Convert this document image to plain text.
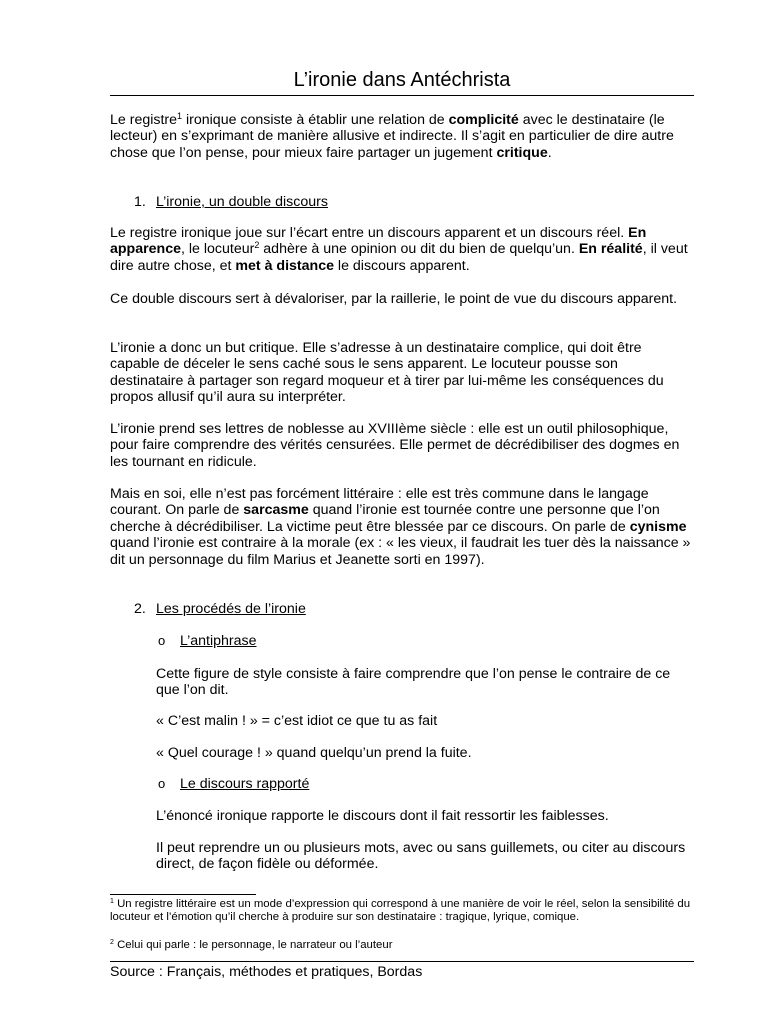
L’ironie dans Antéchrista
Le registre$^1$ ironique consiste à établir une relation de complicité avec le destinataire (le lecteur) en s’exprimant de manière allusive et indirecte. Il s’agit en particulier de dire autre chose que l’on pense, pour mieux faire partager un jugement critique.
1. L’ironie, un double discours
Le registre ironique joue sur l’écart entre un discours apparent et un discours réel. En apparence, le locuteur$^2$ adhère à une opinion ou dit du bien de quelqu’un. En réalité, il veut dire autre chose, et met à distance le discours apparent.
Ce double discours sert à dévaloriser, par la raillerie, le point de vue du discours apparent.
L’ironie a donc un but critique. Elle s’adresse à un destinataire complice, qui doit être capable de déceler le sens caché sous le sens apparent. Le locuteur pousse son destinataire à partager son regard moqueur et à tirer par lui-même les conséquences du propos allusif qu’il aura su interpréter.
L’ironie prend ses lettres de noblesse au XVIIIème siècle : elle est un outil philosophique, pour faire comprendre des vérités censurées. Elle permet de décrédibiliser des dogmes en les tournant en ridicule.
Mais en soi, elle n’est pas forcément littéraire : elle est très commune dans le langage courant. On parle de sarcasme quand l’ironie est tournée contre une personne que l’on cherche à décrédibiliser. La victime peut être blessée par ce discours. On parle de cynisme quand l’ironie est contraire à la morale (ex : « les vieux, il faudrait les tuer dès la naissance » dit un personnage du film Marius et Jeanette sorti en 1997).
2. Les procédés de l’ironie
o L’antiphrase
Cette figure de style consiste à faire comprendre que l’on pense le contraire de ce que l’on dit.
« C’est malin ! » = c’est idiot ce que tu as fait
« Quel courage ! » quand quelqu’un prend la fuite.
o Le discours rapporté
L’énoncé ironique rapporte le discours dont il fait ressortir les faiblesses.
Il peut reprendre un ou plusieurs mots, avec ou sans guillemets, ou citer au discours direct, de façon fidèle ou déformée.
$^1$ Un registre littéraire est un mode d’expression qui correspond à une manière de voir le réel, selon la sensibilité du locuteur et l’émotion qu’il cherche à produire sur son destinataire : tragique, lyrique, comique.
$^2$ Celui qui parle : le personnage, le narrateur ou l’auteur
Source : Français, méthodes et pratiques, Bordas
